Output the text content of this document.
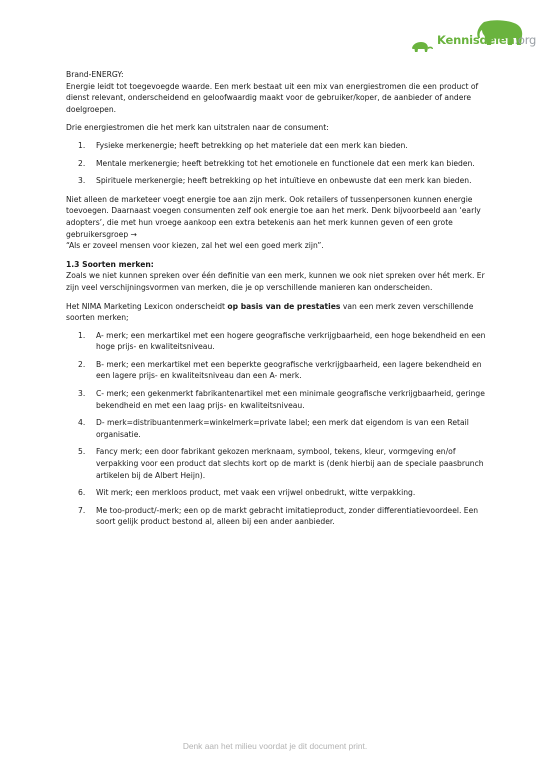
Kennisdelen.org

Brand-ENERGY:

Energie leidt tot toegevoegde waarde. Een merk bestaat uit een mix van energiestromen die een product of dienst relevant, onderscheidend en geloofwaardig maakt voor de gebruiker/koper, de aanbieder of andere doelgroepen.

Drie energiestromen die het merk kan uitstralen naar de consument:

1. Fysieke merkenergie; heeft betrekking op het materiele dat een merk kan bieden.
2. Mentale merkenergie; heeft betrekking tot het emotionele en functionele dat een merk kan bieden.
3. Spirituele merkenergie; heeft betrekking op het intuïtieve en onbewuste dat een merk kan bieden.

Niet alleen de marketeer voegt energie toe aan zijn merk. Ook retailers of tussenpersonen kunnen energie toevoegen. Daarnaast voegen consumenten zelf ook energie toe aan het merk. Denk bijvoorbeeld aan ‘early adopters’, die met hun vroege aankoop een extra betekenis aan het merk kunnen geven of een grote gebruikersgroep →

“Als er zoveel mensen voor kiezen, zal het wel een goed merk zijn”.

1.3 Soorten merken:

Zoals we niet kunnen spreken over één definitie van een merk, kunnen we ook niet spreken over hét merk. Er zijn veel verschijningsvormen van merken, die je op verschillende manieren kan onderscheiden.

Het NIMA Marketing Lexicon onderscheidt op basis van de prestaties van een merk zeven verschillende soorten merken;

1. A- merk; een merkartikel met een hogere geografische verkrijgbaarheid, een hoge bekendheid en een hoge prijs- en kwaliteitsniveau.
2. B- merk; een merkartikel met een beperkte geografische verkrijgbaarheid, een lagere bekendheid en een lagere prijs- en kwaliteitsniveau dan een A- merk.
3. C- merk; een gekenmerkt fabrikantenartikel met een minimale geografische verkrijgbaarheid, geringe bekendheid en met een laag prijs- en kwaliteitsniveau.
4. D- merk=distribuantenmerk=winkelmerk=private label; een merk dat eigendom is van een Retail organisatie.
5. Fancy merk; een door fabrikant gekozen merknaam, symbool, tekens, kleur, vormgeving en/of verpakking voor een product dat slechts kort op de markt is (denk hierbij aan de speciale paasbrunch artikelen bij de Albert Heijn).
6. Wit merk; een merkloos product, met vaak een vrijwel onbedrukt, witte verpakking.
7. Me too-product/-merk; een op de markt gebracht imitatieproduct, zonder differentiatievoordeel. Een soort gelijk product bestond al, alleen bij een ander aanbieder.
Denk aan het milieu voordat je dit document print.
